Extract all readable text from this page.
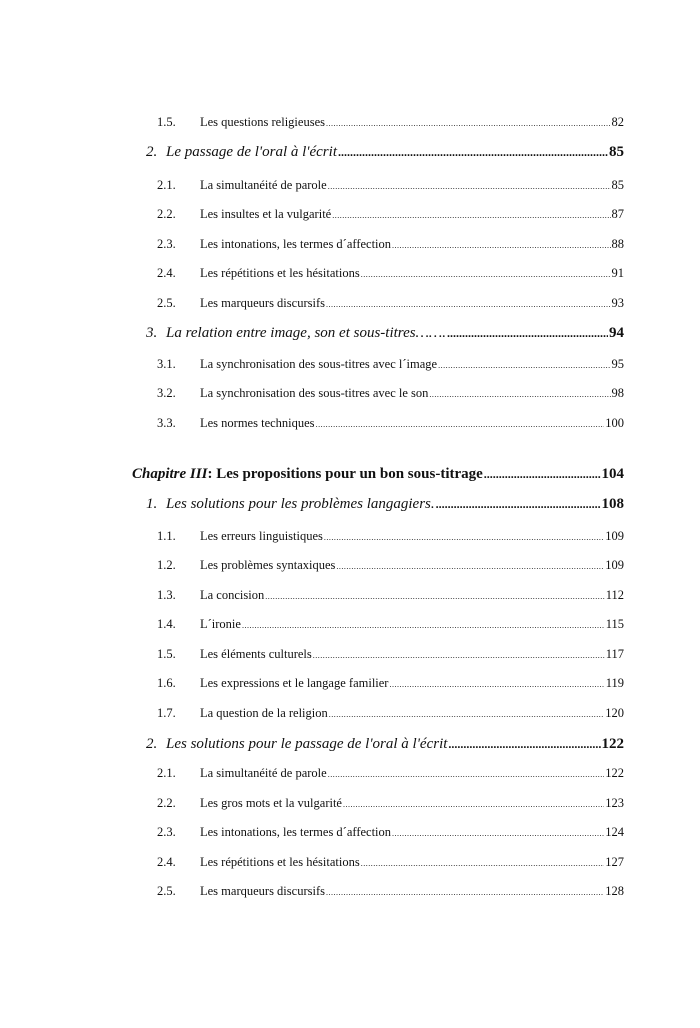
1.5.	Les questions religieuses .....	82
2. Le passage de l'oral à l'écrit .....	85
2.1.	La simultanéité de parole .....	85
2.2.	Les insultes et la vulgarité .....	87
2.3.	Les intonations, les termes d´affection .....	88
2.4.	Les répétitions et les hésitations .....	91
2.5.	Les marqueurs discursifs .....	93
3. La relation entre image, son et sous-titres……. .....	94
3.1.	La synchronisation des sous-titres avec l´image .....	95
3.2.	La synchronisation des sous-titres avec le son .....	98
3.3.	Les normes techniques .....	100
Chapitre III : Les propositions pour un bon sous-titrage .....	104
1. Les solutions pour les problèmes langagiers. .....	108
1.1.	Les erreurs linguistiques .....	109
1.2.	Les problèmes syntaxiques .....	109
1.3.	La concision .....	112
1.4.	L´ironie .....	115
1.5.	Les éléments culturels .....	117
1.6.	Les expressions et le langage familier .....	119
1.7.	La question de la religion .....	120
2. Les solutions pour le passage de l'oral à l'écrit .....	122
2.1.	La simultanéité de parole .....	122
2.2.	Les gros mots et la vulgarité .....	123
2.3.	Les intonations, les termes d´affection .....	124
2.4.	Les répétitions et les hésitations .....	127
2.5.	Les marqueurs discursifs .....	128
